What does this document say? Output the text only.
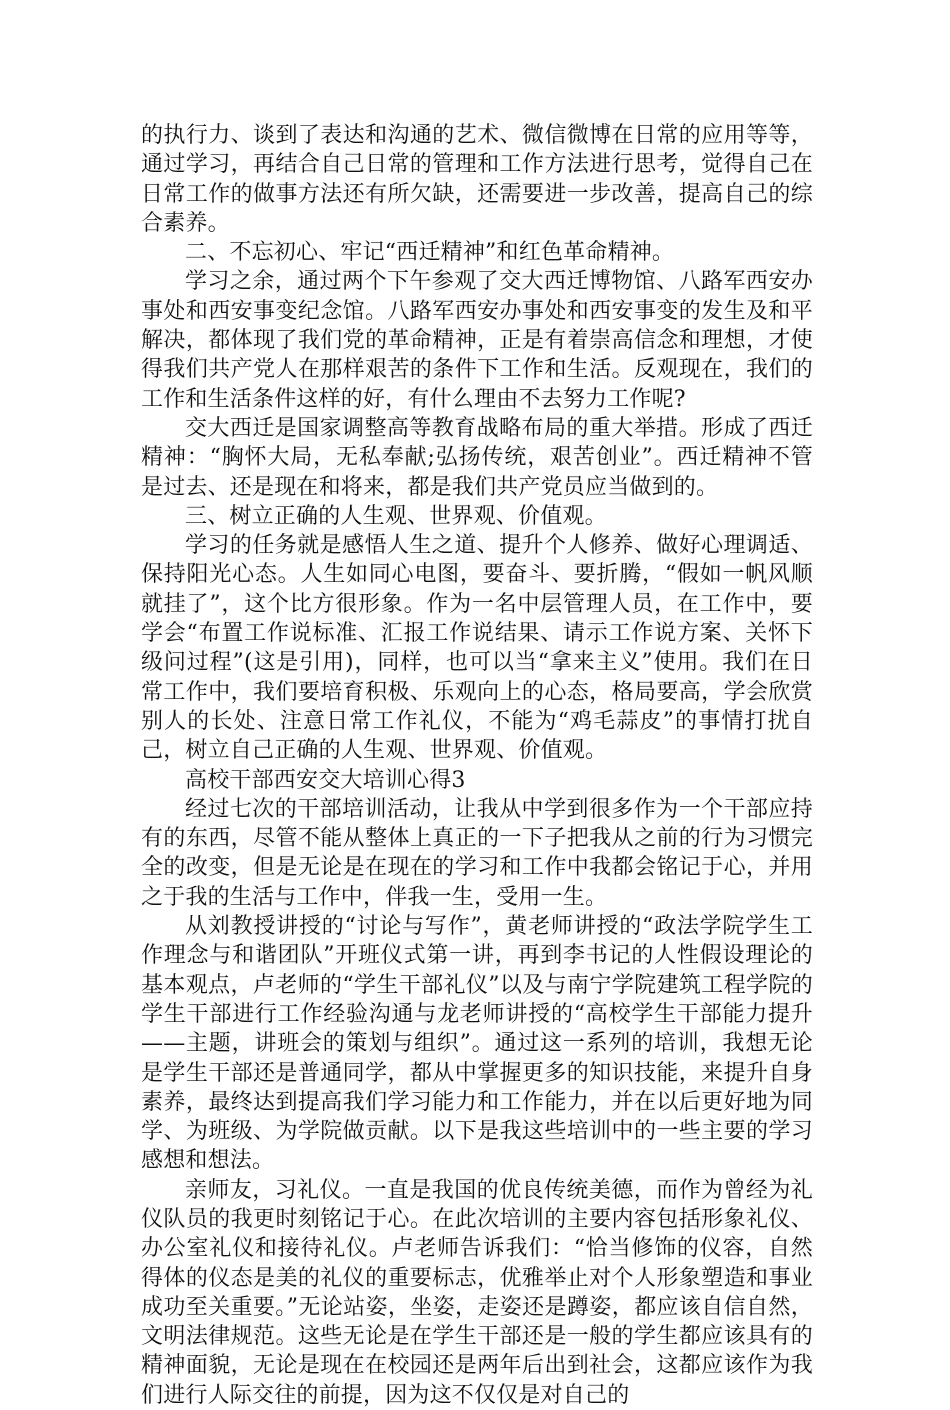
的执行力、谈到了表达和沟通的艺术、微信微博在日常的应用等等，通过学习，再结合自己日常的管理和工作方法进行思考，觉得自己在日常工作的做事方法还有所欠缺，还需要进一步改善，提高自己的综合素养。

二、不忘初心、牢记“西迁精神”和红色革命精神。

学习之余，通过两个下午参观了交大西迁博物馆、八路军西安办事处和西安事变纪念馆。八路军西安办事处和西安事变的发生及和平解决，都体现了我们党的革命精神，正是有着崇高信念和理想，才使得我们共产党人在那样艰苦的条件下工作和生活。反观现在，我们的工作和生活条件这样的好，有什么理由不去努力工作呢?

交大西迁是国家调整高等教育战略布局的重大举措。形成了西迁精神：“胸怀大局，无私奉献;弘扬传统，艰苦创业”。西迁精神不管是过去、还是现在和将来，都是我们共产党员应当做到的。

三、树立正确的人生观、世界观、价值观。

学习的任务就是感悟人生之道、提升个人修养、做好心理调适、保持阳光心态。人生如同心电图，要奋斗、要折腾，“假如一帆风顺就挂了”，这个比方很形象。作为一名中层管理人员，在工作中，要学会“布置工作说标准、汇报工作说结果、请示工作说方案、关怀下级问过程”(这是引用)，同样，也可以当“拿来主义”使用。我们在日常工作中，我们要培育积极、乐观向上的心态，格局要高，学会欣赏别人的长处、注意日常工作礼仪，不能为“鸡毛蒜皮”的事情打扰自己，树立自己正确的人生观、世界观、价值观。

高校干部西安交大培训心得3

经过七次的干部培训活动，让我从中学到很多作为一个干部应持有的东西，尽管不能从整体上真正的一下子把我从之前的行为习惯完全的改变，但是无论是在现在的学习和工作中我都会铭记于心，并用之于我的生活与工作中，伴我一生，受用一生。

从刘教授讲授的“讨论与写作”，黄老师讲授的“政法学院学生工作理念与和谐团队”开班仪式第一讲，再到李书记的人性假设理论的基本观点，卢老师的“学生干部礼仪”以及与南宁学院建筑工程学院的学生干部进行工作经验沟通与龙老师讲授的“高校学生干部能力提升——主题，讲班会的策划与组织”。通过这一系列的培训，我想无论是学生干部还是普通同学，都从中掌握更多的知识技能，来提升自身素养，最终达到提高我们学习能力和工作能力，并在以后更好地为同学、为班级、为学院做贡献。以下是我这些培训中的一些主要的学习感想和想法。

亲师友，习礼仪。一直是我国的优良传统美德，而作为曾经为礼仪队员的我更时刻铭记于心。在此次培训的主要内容包括形象礼仪、办公室礼仪和接待礼仪。卢老师告诉我们：“恰当修饰的仪容，自然得体的仪态是美的礼仪的重要标志，优雅举止对个人形象塑造和事业成功至关重要。”无论站姿，坐姿，走姿还是蹲姿，都应该自信自然，文明法律规范。这些无论是在学生干部还是一般的学生都应该具有的精神面貌，无论是现在在校园还是两年后出到社会，这都应该作为我们进行人际交往的前提，因为这不仅仅是对自己的
